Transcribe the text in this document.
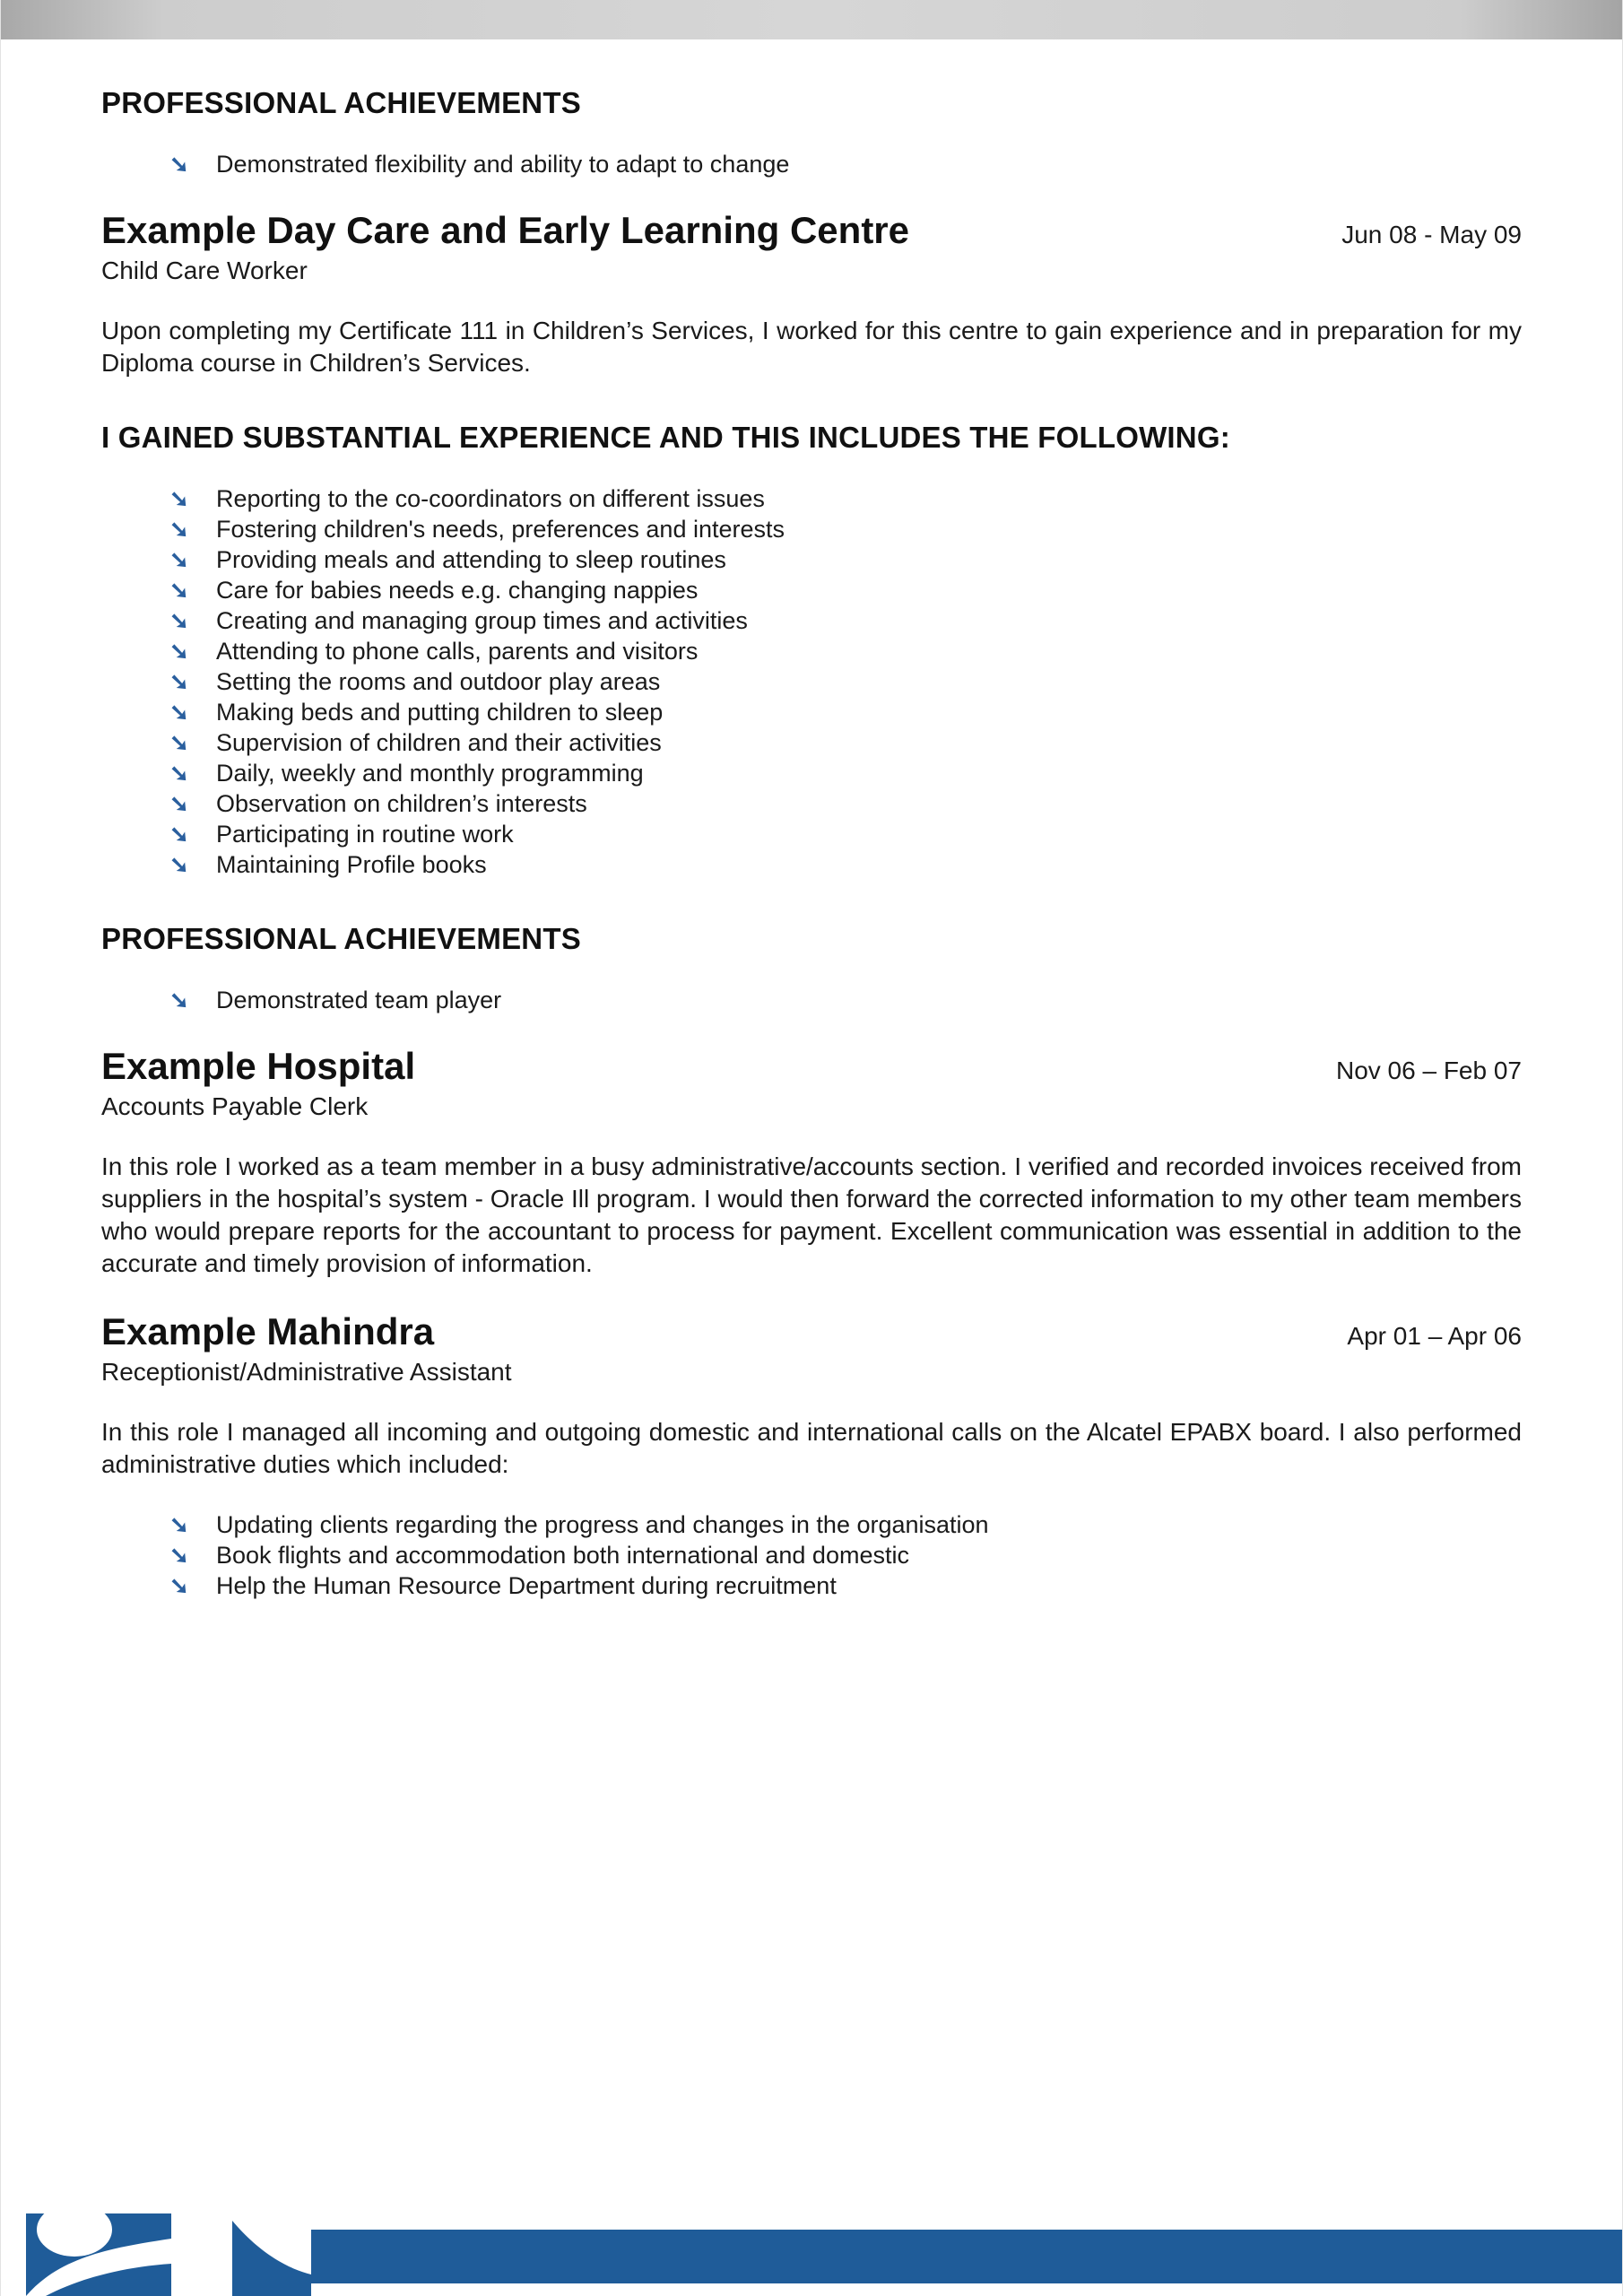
PROFESSIONAL ACHIEVEMENTS
➘ Demonstrated flexibility and ability to adapt to change
Example Day Care and Early Learning Centre	Jun 08 - May 09

Child Care Worker

Upon completing my Certificate 111 in Children’s Services, I worked for this centre to gain experience and in preparation for my Diploma course in Children’s Services.

I GAINED SUBSTANTIAL EXPERIENCE AND THIS INCLUDES THE FOLLOWING:
➘ Reporting to the co-coordinators on different issues
➘ Fostering children's needs, preferences and interests
➘ Providing meals and attending to sleep routines
➘ Care for babies needs e.g. changing nappies
➘ Creating and managing group times and activities
➘ Attending to phone calls, parents and visitors
➘ Setting the rooms and outdoor play areas
➘ Making beds and putting children to sleep
➘ Supervision of children and their activities
➘ Daily, weekly and monthly programming
➘ Observation on children’s interests
➘ Participating in routine work
➘ Maintaining Profile books
PROFESSIONAL ACHIEVEMENTS
➘ Demonstrated team player
Example Hospital	Nov 06 – Feb 07

Accounts Payable Clerk

In this role I worked as a team member in a busy administrative/accounts section. I verified and recorded invoices received from suppliers in the hospital’s system - Oracle Ill program. I would then forward the corrected information to my other team members who would prepare reports for the accountant to process for payment. Excellent communication was essential in addition to the accurate and timely provision of information.

Example Mahindra	Apr 01 – Apr 06

Receptionist/Administrative Assistant

In this role I managed all incoming and outgoing domestic and international calls on the Alcatel EPABX board. I also performed administrative duties which included:

➘ Updating clients regarding the progress and changes in the organisation
➘ Book flights and accommodation both international and domestic
➘ Help the Human Resource Department during recruitment
